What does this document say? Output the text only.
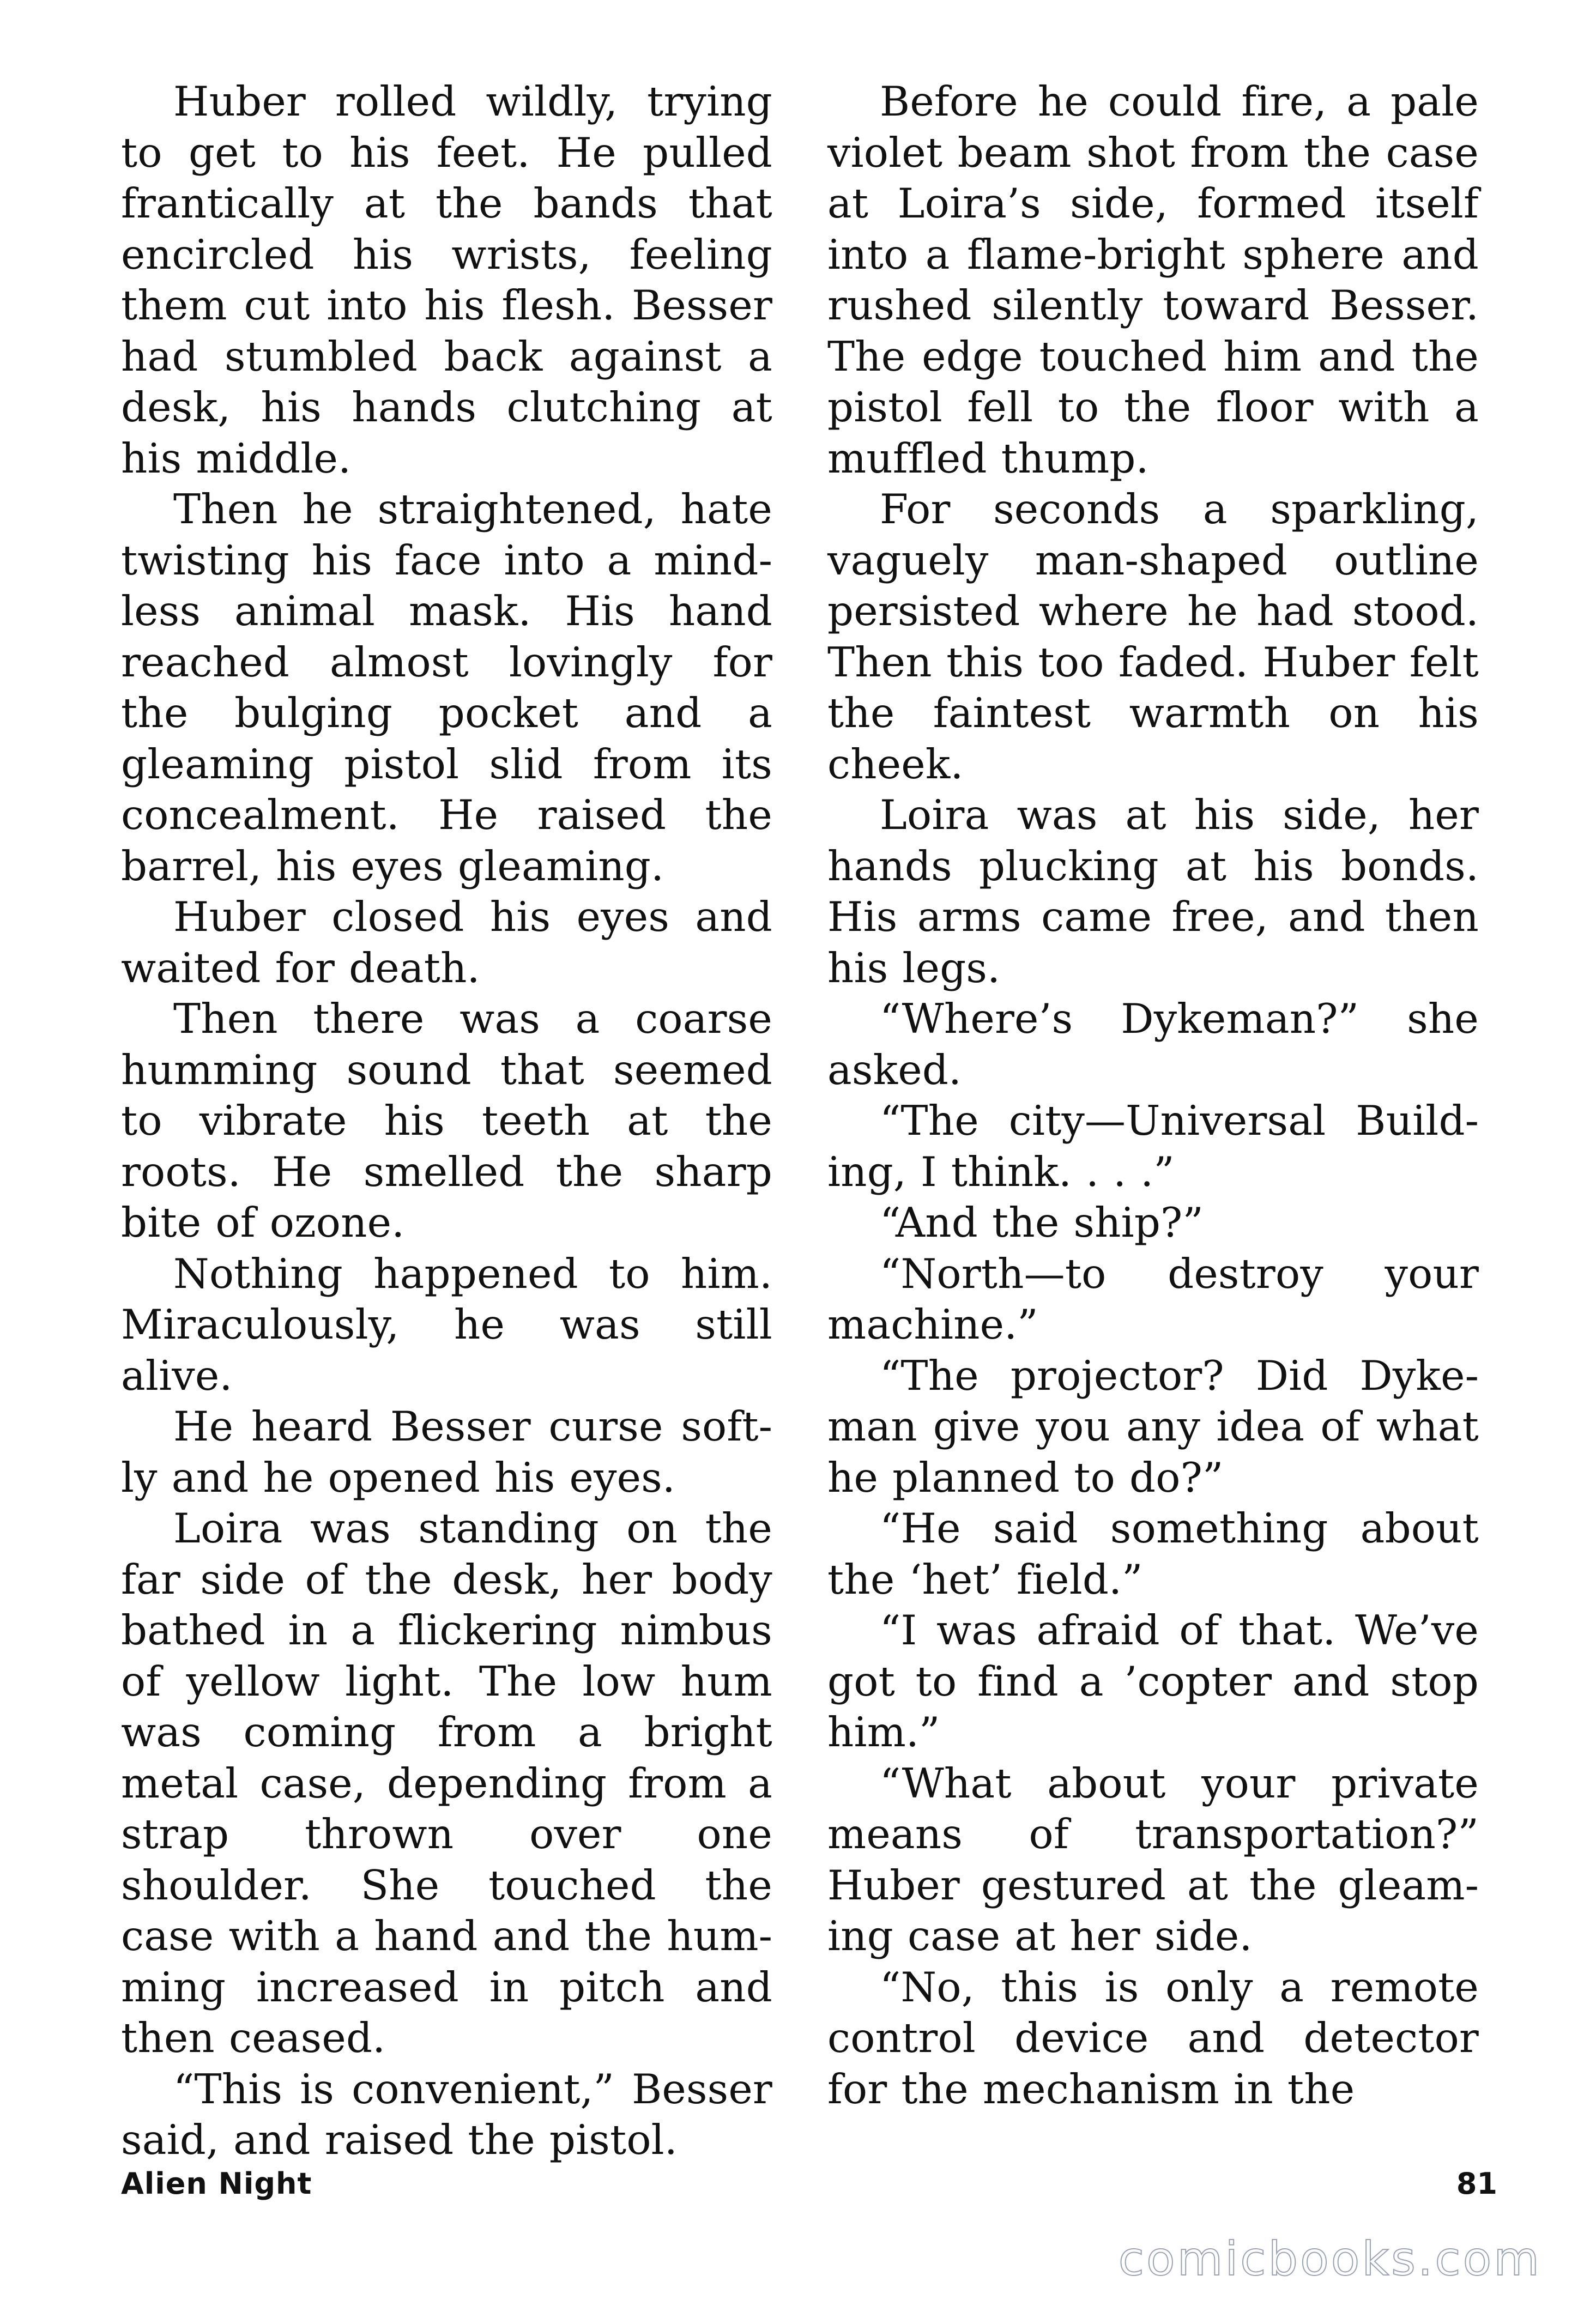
Huber rolled wildly, trying to get to his feet. He pulled frantically at the bands that encircled his wrists, feeling them cut into his flesh. Besser had stumbled back against a desk, his hands clutching at his middle.

Then he straightened, hate twisting his face into a mindless animal mask. His hand reached almost lovingly for the bulging pocket and a gleaming pistol slid from its concealment. He raised the barrel, his eyes gleaming.

Huber closed his eyes and waited for death.

Then there was a coarse humming sound that seemed to vibrate his teeth at the roots. He smelled the sharp bite of ozone.

Nothing happened to him. Miraculously, he was still alive.

He heard Besser curse softly and he opened his eyes.

Loira was standing on the far side of the desk, her body bathed in a flickering nimbus of yellow light. The low hum was coming from a bright metal case, depending from a strap thrown over one shoulder. She touched the case with a hand and the humming increased in pitch and then ceased.

“This is convenient,” Besser said, and raised the pistol.

Before he could fire, a pale violet beam shot from the case at Loira’s side, formed itself into a flame-bright sphere and rushed silently toward Besser. The edge touched him and the pistol fell to the floor with a muffled thump.

For seconds a sparkling, vaguely man-shaped outline persisted where he had stood. Then this too faded. Huber felt the faintest warmth on his cheek.

Loira was at his side, her hands plucking at his bonds. His arms came free, and then his legs.

“Where’s Dykeman?” she asked.

“The city—Universal Building, I think. . . .”

“And the ship?”

“North—to destroy your machine.”

“The projector? Did Dykeman give you any idea of what he planned to do?”

“He said something about the ‘het’ field.”

“I was afraid of that. We’ve got to find a ’copter and stop him.”

“What about your private means of transportation?” Huber gestured at the gleaming case at her side.

“No, this is only a remote control device and detector for the mechanism in the

Alien Night	81
comicbooks.com
